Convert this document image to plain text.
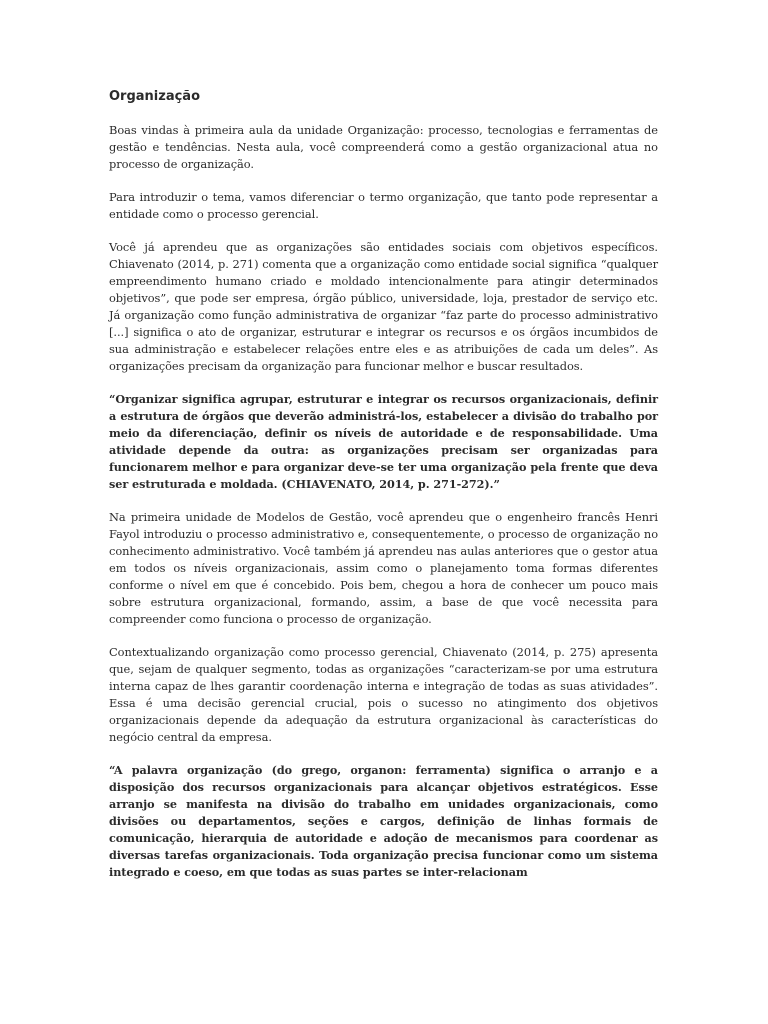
Organização

Boas vindas à primeira aula da unidade Organização: processo, tecnologias e ferramentas de gestão e tendências. Nesta aula, você compreenderá como a gestão organizacional atua no processo de organização.

Para introduzir o tema, vamos diferenciar o termo organização, que tanto pode representar a entidade como o processo gerencial.

Você já aprendeu que as organizações são entidades sociais com objetivos específicos. Chiavenato (2014, p. 271) comenta que a organização como entidade social significa “qualquer empreendimento humano criado e moldado intencionalmente para atingir determinados objetivos”, que pode ser empresa, órgão público, universidade, loja, prestador de serviço etc. Já organização como função administrativa de organizar “faz parte do processo administrativo [...] significa o ato de organizar, estruturar e integrar os recursos e os órgãos incumbidos de sua administração e estabelecer relações entre eles e as atribuições de cada um deles”. As organizações precisam da organização para funcionar melhor e buscar resultados.

“Organizar significa agrupar, estruturar e integrar os recursos organizacionais, definir a estrutura de órgãos que deverão administrá-los, estabelecer a divisão do trabalho por meio da diferenciação, definir os níveis de autoridade e de responsabilidade. Uma atividade depende da outra: as organizações precisam ser organizadas para funcionarem melhor e para organizar deve-se ter uma organização pela frente que deva ser estruturada e moldada. (CHIAVENATO, 2014, p. 271-272).”

Na primeira unidade de Modelos de Gestão, você aprendeu que o engenheiro francês Henri Fayol introduziu o processo administrativo e, consequentemente, o processo de organização no conhecimento administrativo. Você também já aprendeu nas aulas anteriores que o gestor atua em todos os níveis organizacionais, assim como o planejamento toma formas diferentes conforme o nível em que é concebido. Pois bem, chegou a hora de conhecer um pouco mais sobre estrutura organizacional, formando, assim, a base de que você necessita para compreender como funciona o processo de organização.

Contextualizando organização como processo gerencial, Chiavenato (2014, p. 275) apresenta que, sejam de qualquer segmento, todas as organizações “caracterizam-se por uma estrutura interna capaz de lhes garantir coordenação interna e integração de todas as suas atividades”. Essa é uma decisão gerencial crucial, pois o sucesso no atingimento dos objetivos organizacionais depende da adequação da estrutura organizacional às características do negócio central da empresa.

“A palavra organização (do grego, organon: ferramenta) significa o arranjo e a disposição dos recursos organizacionais para alcançar objetivos estratégicos. Esse arranjo se manifesta na divisão do trabalho em unidades organizacionais, como divisões ou departamentos, seções e cargos, definição de linhas formais de comunicação, hierarquia de autoridade e adoção de mecanismos para coordenar as diversas tarefas organizacionais. Toda organização precisa funcionar como um sistema integrado e coeso, em que todas as suas partes se inter-relacionam
